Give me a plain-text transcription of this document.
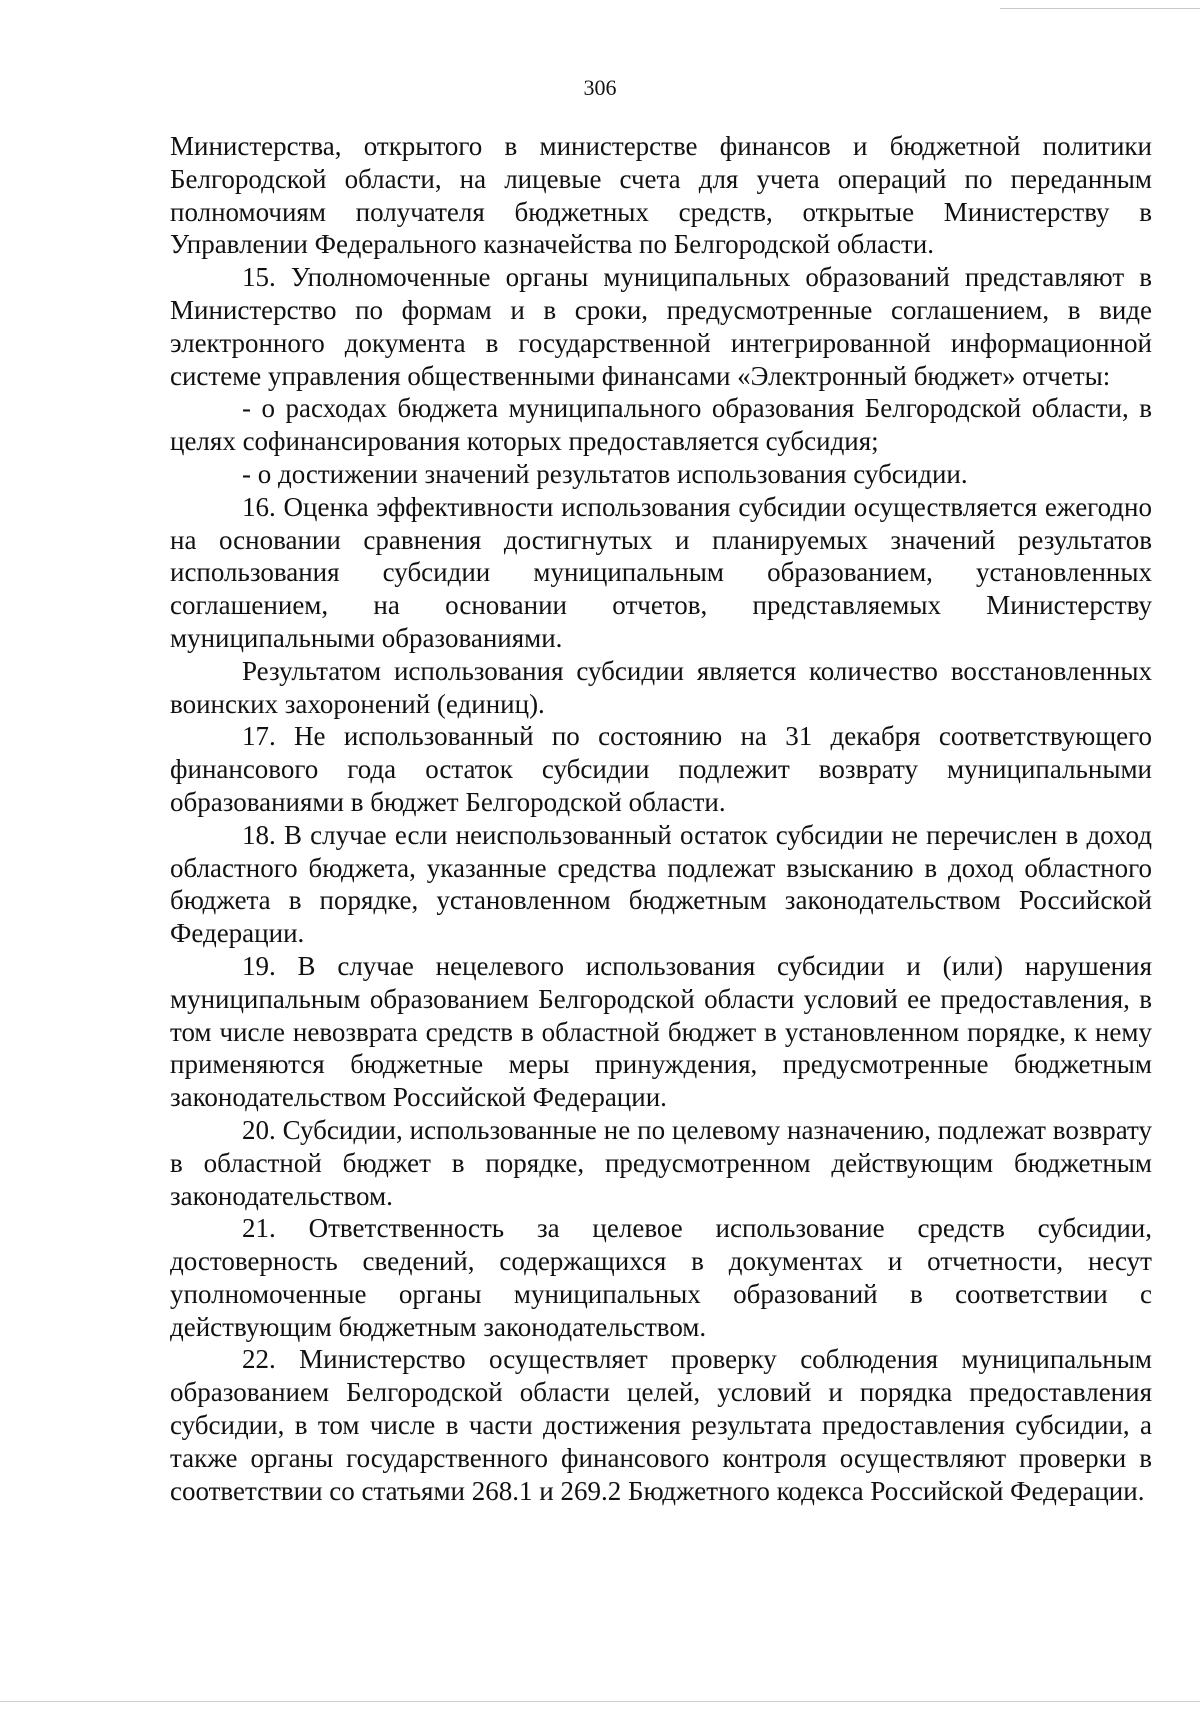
306

Министерства, открытого в министерстве финансов и бюджетной политики Белгородской области, на лицевые счета для учета операций по переданным полномочиям получателя бюджетных средств, открытые Министерству в Управлении Федерального казначейства по Белгородской области.

15. Уполномоченные органы муниципальных образований представляют в Министерство по формам и в сроки, предусмотренные соглашением, в виде электронного документа в государственной интегрированной информационной системе управления общественными финансами «Электронный бюджет» отчеты:

- о расходах бюджета муниципального образования Белгородской области, в целях софинансирования которых предоставляется субсидия;

- о достижении значений результатов использования субсидии.

16. Оценка эффективности использования субсидии осуществляется ежегодно на основании сравнения достигнутых и планируемых значений результатов использования субсидии муниципальным образованием, установленных соглашением, на основании отчетов, представляемых Министерству муниципальными образованиями.

Результатом использования субсидии является количество восстановленных воинских захоронений (единиц).

17. Не использованный по состоянию на 31 декабря соответствующего финансового года остаток субсидии подлежит возврату муниципальными образованиями в бюджет Белгородской области.

18. В случае если неиспользованный остаток субсидии не перечислен в доход областного бюджета, указанные средства подлежат взысканию в доход областного бюджета в порядке, установленном бюджетным законодательством Российской Федерации.

19. В случае нецелевого использования субсидии и (или) нарушения муниципальным образованием Белгородской области условий ее предоставления, в том числе невозврата средств в областной бюджет в установленном порядке, к нему применяются бюджетные меры принуждения, предусмотренные бюджетным законодательством Российской Федерации.

20. Субсидии, использованные не по целевому назначению, подлежат возврату в областной бюджет в порядке, предусмотренном действующим бюджетным законодательством.

21. Ответственность за целевое использование средств субсидии, достоверность сведений, содержащихся в документах и отчетности, несут уполномоченные органы муниципальных образований в соответствии с действующим бюджетным законодательством.

22. Министерство осуществляет проверку соблюдения муниципальным образованием Белгородской области целей, условий и порядка предоставления субсидии, в том числе в части достижения результата предоставления субсидии, а также органы государственного финансового контроля осуществляют проверки в соответствии со статьями 268.1 и 269.2 Бюджетного кодекса Российской Федерации.
